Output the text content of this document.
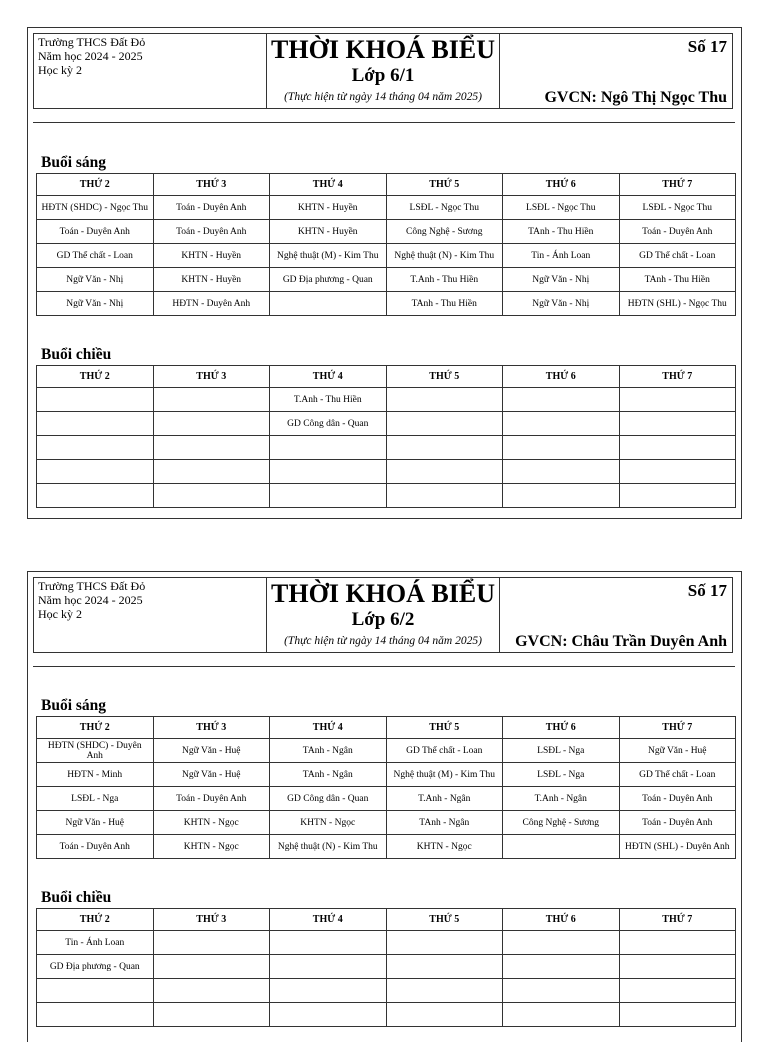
Trường THCS Đất Đỏ
Năm học 2024 - 2025
Học kỳ 2
THỜI KHOÁ BIỂU
Lớp 6/1
(Thực hiện từ ngày 14 tháng 04 năm 2025)
Số 17
GVCN: Ngô Thị Ngọc Thu
Buổi sáng
THỨ 2	THỨ 3	THỨ 4	THỨ 5	THỨ 6	THỨ 7
HĐTN (SHDC) - Ngọc Thu	Toán - Duyên Anh	KHTN - Huyền	LSĐL - Ngọc Thu	LSĐL - Ngọc Thu	LSĐL - Ngọc Thu
Toán - Duyên Anh	Toán - Duyên Anh	KHTN - Huyền	Công Nghệ - Sương	TAnh - Thu Hiền	Toán - Duyên Anh
GD Thể chất - Loan	KHTN - Huyền	Nghệ thuật (M) - Kim Thu	Nghệ thuật (N) - Kim Thu	Tin - Ánh Loan	GD Thể chất - Loan
Ngữ Văn - Nhị	KHTN - Huyền	GD Địa phương - Quan	T.Anh - Thu Hiền	Ngữ Văn - Nhị	TAnh - Thu Hiền
Ngữ Văn - Nhị	HĐTN - Duyên Anh		TAnh - Thu Hiền	Ngữ Văn - Nhị	HĐTN (SHL) - Ngọc Thu
Buổi chiều
THỨ 2	THỨ 3	THỨ 4	THỨ 5	THỨ 6	THỨ 7
		T.Anh - Thu Hiền			
		GD Công dân - Quan			

Trường THCS Đất Đỏ
Năm học 2024 - 2025
Học kỳ 2
THỜI KHOÁ BIỂU
Lớp 6/2
(Thực hiện từ ngày 14 tháng 04 năm 2025)
Số 17
GVCN: Châu Trần Duyên Anh
Buổi sáng
THỨ 2	THỨ 3	THỨ 4	THỨ 5	THỨ 6	THỨ 7
HĐTN (SHDC) - Duyên Anh	Ngữ Văn - Huệ	TAnh - Ngân	GD Thể chất - Loan	LSĐL - Nga	Ngữ Văn - Huệ
HĐTN - Minh	Ngữ Văn - Huệ	TAnh - Ngân	Nghệ thuật (M) - Kim Thu	LSĐL - Nga	GD Thể chất - Loan
LSĐL - Nga	Toán - Duyên Anh	GD Công dân - Quan	T.Anh - Ngân	T.Anh - Ngân	Toán - Duyên Anh
Ngữ Văn - Huệ	KHTN - Ngọc	KHTN - Ngọc	TAnh - Ngân	Công Nghệ - Sương	Toán - Duyên Anh
Toán - Duyên Anh	KHTN - Ngọc	Nghệ thuật (N) - Kim Thu	KHTN - Ngọc		HĐTN (SHL) - Duyên Anh
Buổi chiều
THỨ 2	THỨ 3	THỨ 4	THỨ 5	THỨ 6	THỨ 7
Tin - Ánh Loan					
GD Địa phương - Quan					
